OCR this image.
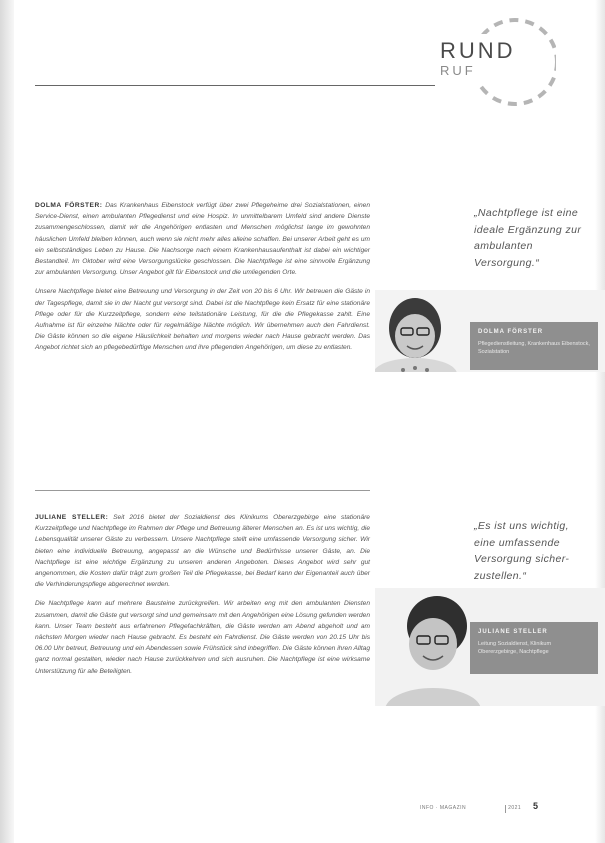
RUND
RUF

DOLMA FÖRSTER: Das Krankenhaus Eibenstock verfügt über zwei Pflegeheime drei Sozialstationen, einen Service-Dienst, einen ambulanten Pflegedienst und eine Hospiz. In unmittelbarem Umfeld sind andere Dienste zusammengeschlossen, damit wir die Angehörigen entlasten und Menschen möglichst lange im gewohnten häuslichen Umfeld bleiben können, auch wenn sie nicht mehr alles alleine schaffen. Bei unserer Arbeit geht es um ein selbstständiges Leben zu Hause. Die Nachsorge nach einem Krankenhausaufenthalt ist dabei ein wichtiger Bestandteil. Im Oktober wird eine Versorgungslücke geschlossen. Die Nachtpflege ist eine sinnvolle Ergänzung zur ambulanten Versorgung. Unser Angebot gilt für Eibenstock und die umliegenden Orte.

Unsere Nachtpflege bietet eine Betreuung und Versorgung in der Zeit von 20 bis 6 Uhr. Wir betreuen die Gäste in der Tagespflege, damit sie in der Nacht gut versorgt sind. Dabei ist die Nachtpflege kein Ersatz für eine stationäre Pflege oder für die Kurzzeitpflege, sondern eine teilstationäre Leistung, für die die Pflegekasse zahlt. Eine Aufnahme ist für einzelne Nächte oder für regelmäßige Nächte möglich. Wir übernehmen auch den Fahrdienst. Die Gäste können so die eigene Häuslichkeit behalten und morgens wieder nach Hause gebracht werden. Das Angebot richtet sich an pflegebedürftige Menschen und ihre pflegenden Angehörigen, um diese zu entlasten.

„Nachtpflege ist eine ideale Ergänzung zur ambulanten Versorgung.“
DOLMA FÖRSTER
Pflegedienstleitung, Krankenhaus Eibenstock, Sozialstation

JULIANE STELLER: Seit 2016 bietet der Sozialdienst des Klinikums Obererzgebirge eine stationäre Kurzzeitpflege und Nachtpflege im Rahmen der Pflege und Betreuung älterer Menschen an. Es ist uns wichtig, die Lebensqualität unserer Gäste zu verbessern. Unsere Nachtpflege stellt eine umfassende Versorgung sicher. Wir bieten eine individuelle Betreuung, angepasst an die Wünsche und Bedürfnisse unserer Gäste, an. Die Nachtpflege ist eine wichtige Ergänzung zu unseren anderen Angeboten. Dieses Angebot wird sehr gut angenommen, die Kosten dafür trägt zum großen Teil die Pflegekasse, bei Bedarf kann der Eigenanteil auch über die Verhinderungspflege abgerechnet werden.

Die Nachtpflege kann auf mehrere Bausteine zurückgreifen. Wir arbeiten eng mit den ambulanten Diensten zusammen, damit die Gäste gut versorgt sind und gemeinsam mit den Angehörigen eine Lösung gefunden werden kann. Unser Team besteht aus erfahrenen Pflegefachkräften, die Gäste werden am Abend abgeholt und am nächsten Morgen wieder nach Hause gebracht. Es besteht ein Fahrdienst. Die Gäste werden von 20.15 Uhr bis 06.00 Uhr betreut, Betreuung und ein Abendessen sowie Frühstück sind inbegriffen. Die Gäste können ihren Alltag ganz normal gestalten, wieder nach Hause zurückkehren und sich ausruhen. Die Nachtpflege ist eine wirksame Unterstützung für alle Beteiligten.

„Es ist uns wichtig, eine umfassende Versorgung sicher-zustellen.“
JULIANE STELLER
Leitung Sozialdienst, Klinikum Obererzgebirge, Nachtpflege
INFO · MAGAZIN	2021 5
